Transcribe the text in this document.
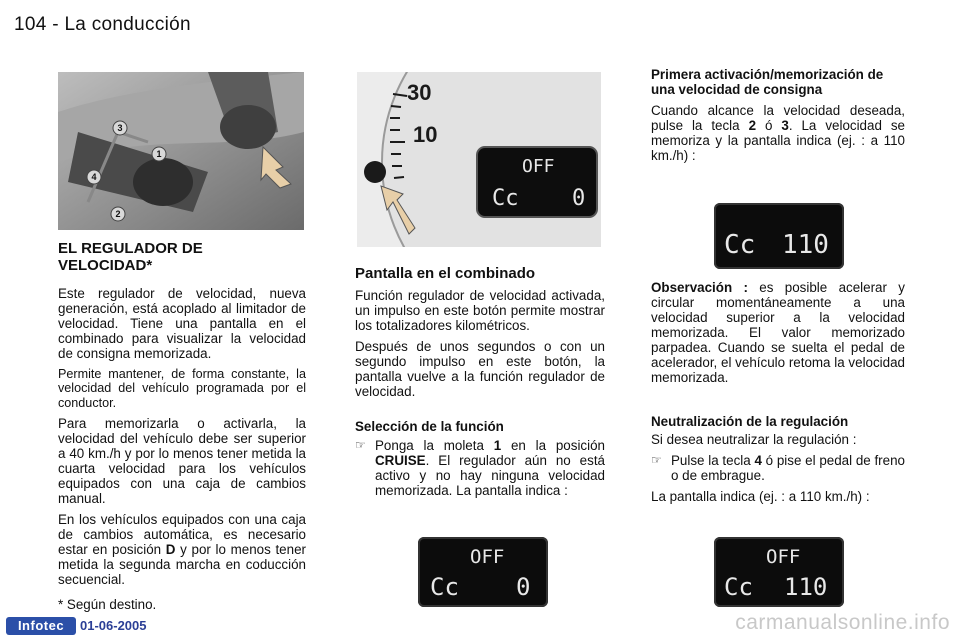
104 - La conducción
3
1
4
2
EL REGULADOR DE VELOCIDAD*

Este regulador de velocidad, nueva generación, está acoplado al limitador de velocidad. Tiene una pantalla en el combinado para visualizar la velocidad de consigna memorizada.

Permite mantener, de forma constante, la velocidad del vehículo programada por el conductor.

Para memorizarla o activarla, la velocidad del vehículo debe ser superior a 40 km./h y por lo menos tener metida la cuarta velocidad para los vehículos equipados con una caja de cambios manual.

En los vehículos equipados con una caja de cambios automática, es necesario estar en posición D y por lo menos tener metida la segunda marcha en coducción secuencial.

* Según destino.
30
10
OFF
Cc 0
Pantalla en el combinado

Función regulador de velocidad activada, un impulso en este botón permite mostrar los totalizadores kilométricos.

Después de unos segundos o con un segundo impulso en este botón, la pantalla vuelve a la función regulador de velocidad.

Selección de la función
☞ Ponga la moleta 1 en la posición CRUISE. El regulador aún no está activo y no hay ninguna velocidad memorizada. La pantalla indica :
OFF
Cc 0
Primera activación/memorización de una velocidad de consigna

Cuando alcance la velocidad deseada, pulse la tecla 2 ó 3. La velocidad se memoriza y la pantalla indica (ej. : a 110 km./h) :

Cc 110

Observación : es posible acelerar y circular momentáneamente a una velocidad superior a la velocidad memorizada. El valor memorizado parpadea. Cuando se suelta el pedal de acelerador, el vehículo retoma la velocidad memorizada.

Neutralización de la regulación

Si desea neutralizar la regulación :

☞ Pulse la tecla 4 ó pise el pedal de freno o de embrague.

La pantalla indica (ej. : a 110 km./h) :

OFF
Cc 110
Infotec	01-06-2005	carmanualsonline.info
